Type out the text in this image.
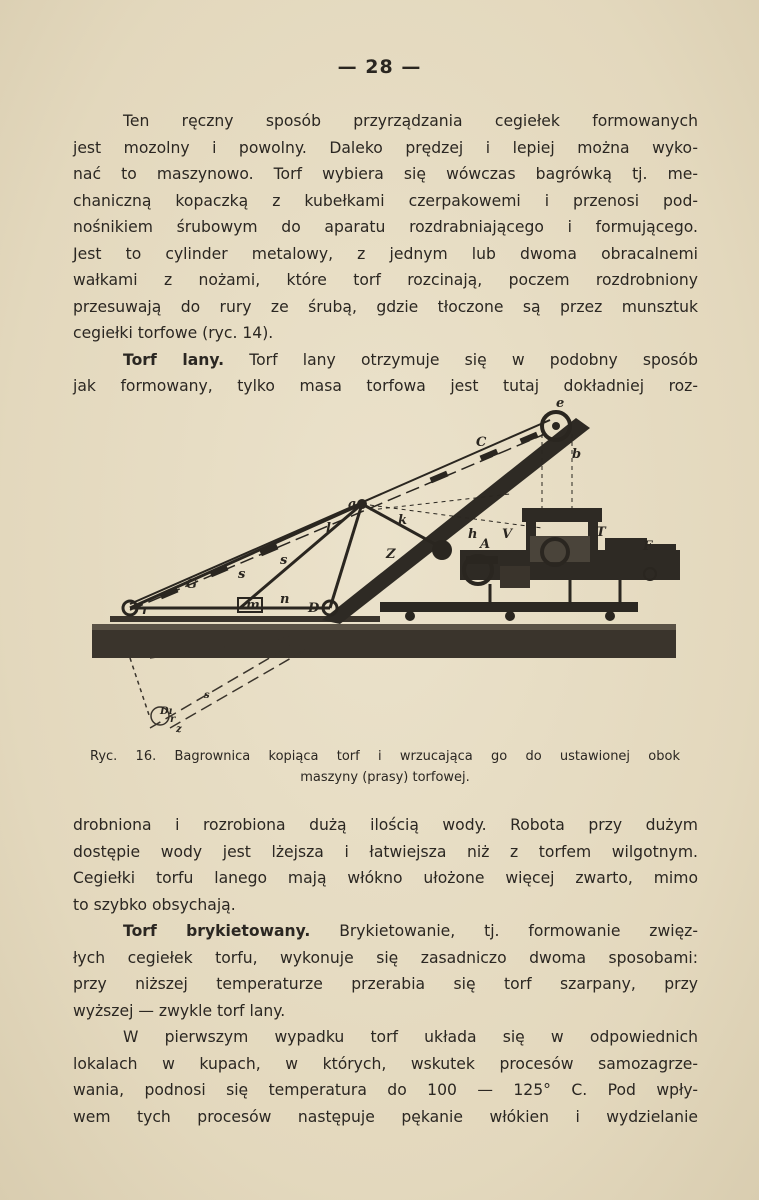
— 28 —
Ten ręczny sposób przyrządzania cegiełek formowanych
jest mozolny i powolny. Daleko prędzej i lepiej można wyko-
nać to maszynowo. Torf wybiera się wówczas bagrówką tj. me-
chaniczną kopaczką z kubełkami czerpakowemi i przenosi pod-
nośnikiem śrubowym do aparatu rozdrabniającego i formującego.
Jest to cylinder metalowy, z jednym lub dwoma obracalnemi
wałkami z nożami, które torf rozcinają, poczem rozdrobniony
przesuwają do rury ze śrubą, gdzie tłoczone są przez munsztuk
cegiełki torfowe (ryc. 14).
Torf lany. Torf lany otrzymuje się w podobny sposób
jak formowany, tylko masa torfowa jest tutaj dokładniej roz-
e
C
b
a
k
l	h
A
V	T
F
Z
s
G
s
r	m n
D
Dı
s
r
z
Ryc. 16. Bagrownica kopiąca torf i wrzucająca go do ustawionej obok
maszyny (prasy) torfowej.
drobniona i rozrobiona dużą ilością wody. Robota przy dużym
dostępie wody jest lżejsza i łatwiejsza niż z torfem wilgotnym.
Cegiełki torfu lanego mają włókno ułożone więcej zwarto, mimo
to szybko obsychają.
Torf brykietowany. Brykietowanie, tj. formowanie zwięz-
łych cegiełek torfu, wykonuje się zasadniczo dwoma sposobami:
przy niższej temperaturze przerabia się torf szarpany, przy
wyższej — zwykle torf lany.
W pierwszym wypadku torf układa się w odpowiednich
lokalach w kupach, w których, wskutek procesów samozagrze-
wania, podnosi się temperatura do 100 — 125° C. Pod wpły-
wem tych procesów następuje pękanie włókien i wydzielanie
